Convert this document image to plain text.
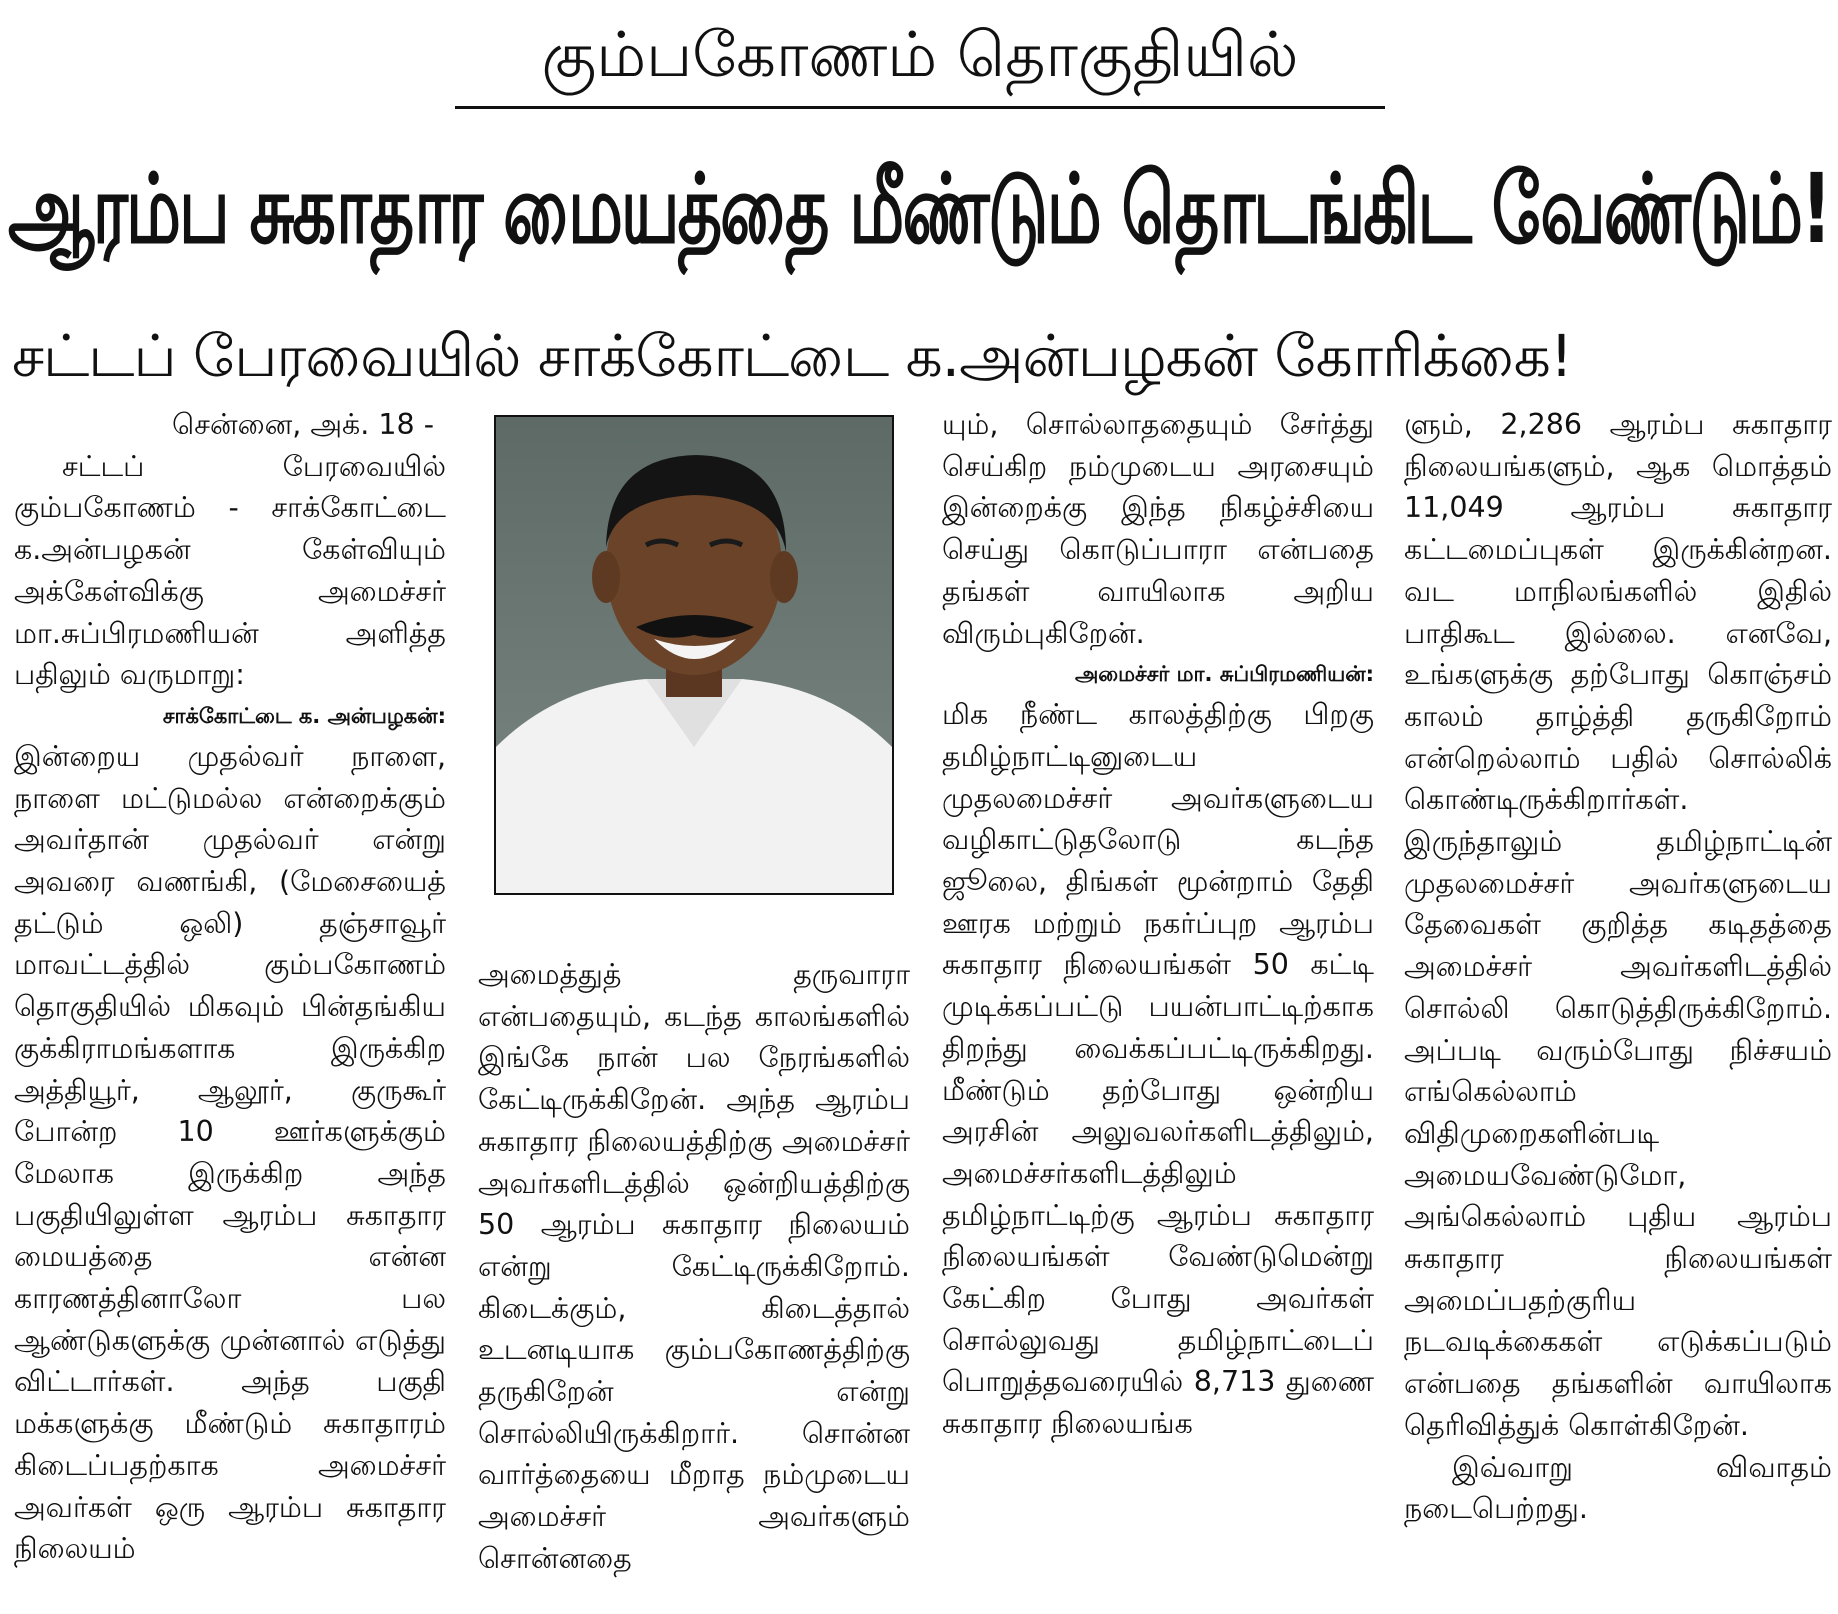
கும்பகோணம் தொகுதியில்
ஆரம்ப சுகாதார மையத்தை மீண்டும் தொடங்கிட வேண்டும்!
சட்டப் பேரவையில் சாக்கோட்டை க.அன்பழகன் கோரிக்கை!

சென்னை, அக். 18 -

சட்டப் பேரவையில் கும்பகோணம் - சாக்கோட்டை க.அன்பழகன் கேள்வியும் அக்கேள்விக்கு அமைச்சர் மா.சுப்பிரமணியன் அளித்த பதிலும் வருமாறு:

சாக்கோட்டை க. அன்பழகன்:

இன்றைய முதல்வர் நாளை, நாளை மட்டுமல்ல என்றைக்கும் அவர்தான் முதல்வர் என்று அவரை வணங்கி, (மேசையைத் தட்டும் ஒலி) தஞ்சாவூர் மாவட்டத்தில் கும்பகோணம் தொகுதியில் மிகவும் பின்தங்கிய குக்கிராமங்களாக இருக்கிற அத்தியூர், ஆலூர், குருகூர் போன்ற 10 ஊர்களுக்கும் மேலாக இருக்கிற அந்த பகுதியிலுள்ள ஆரம்ப சுகாதார மையத்தை என்ன காரணத்தினாலோ பல ஆண்டுகளுக்கு முன்னால் எடுத்து விட்டார்கள். அந்த பகுதி மக்களுக்கு மீண்டும் சுகாதாரம் கிடைப்பதற்காக அமைச்சர் அவர்கள் ஒரு ஆரம்ப சுகாதார நிலையம்

அமைத்துத் தருவாரா என்பதையும், கடந்த காலங்களில் இங்கே நான் பல நேரங்களில் கேட்டிருக்கிறேன். அந்த ஆரம்ப சுகாதார நிலையத்திற்கு அமைச்சர் அவர்களிடத்தில் ஒன்றியத்திற்கு 50 ஆரம்ப சுகாதார நிலையம் என்று கேட்டிருக்கிறோம். கிடைக்கும், கிடைத்தால் உடனடியாக கும்பகோணத்திற்கு தருகிறேன் என்று சொல்லியிருக்கிறார். சொன்ன வார்த்தையை மீறாத நம்முடைய அமைச்சர் அவர்களும் சொன்னதை

யும், சொல்லாததையும் சேர்த்து செய்கிற நம்முடைய அரசையும் இன்றைக்கு இந்த நிகழ்ச்சியை செய்து கொடுப்பாரா என்பதை தங்கள் வாயிலாக அறிய விரும்புகிறேன்.

அமைச்சர் மா. சுப்பிரமணியன்:

மிக நீண்ட காலத்திற்கு பிறகு தமிழ்நாட்டினுடைய முதலமைச்சர் அவர்களுடைய வழிகாட்டுதலோடு கடந்த ஜூலை, திங்கள் மூன்றாம் தேதி ஊரக மற்றும் நகர்ப்புற ஆரம்ப சுகாதார நிலையங்கள் 50 கட்டி முடிக்கப்பட்டு பயன்பாட்டிற்காக திறந்து வைக்கப்பட்டிருக்கிறது. மீண்டும் தற்போது ஒன்றிய அரசின் அலுவலர்களிடத்திலும், அமைச்சர்களிடத்திலும் தமிழ்நாட்டிற்கு ஆரம்ப சுகாதார நிலையங்கள் வேண்டுமென்று கேட்கிற போது அவர்கள் சொல்லுவது தமிழ்நாட்டைப் பொறுத்தவரையில் 8,713 துணை சுகாதார நிலையங்க

ளும், 2,286 ஆரம்ப சுகாதார நிலையங்களும், ஆக மொத்தம் 11,049 ஆரம்ப சுகாதார கட்டமைப்புகள் இருக்கின்றன. வட மாநிலங்களில் இதில் பாதிகூட இல்லை. எனவே, உங்களுக்கு தற்போது கொஞ்சம் காலம் தாழ்த்தி தருகிறோம் என்றெல்லாம் பதில் சொல்லிக் கொண்டிருக்கிறார்கள். இருந்தாலும் தமிழ்நாட்டின் முதலமைச்சர் அவர்களுடைய தேவைகள் குறித்த கடிதத்தை அமைச்சர் அவர்களிடத்தில் சொல்லி கொடுத்திருக்கிறோம். அப்படி வரும்போது நிச்சயம் எங்கெல்லாம் விதிமுறைகளின்படி அமையவேண்டுமோ, அங்கெல்லாம் புதிய ஆரம்ப சுகாதார நிலையங்கள் அமைப்பதற்குரிய நடவடிக்கைகள் எடுக்கப்படும் என்பதை தங்களின் வாயிலாக தெரிவித்துக் கொள்கிறேன்.

இவ்வாறு விவாதம் நடைபெற்றது.
